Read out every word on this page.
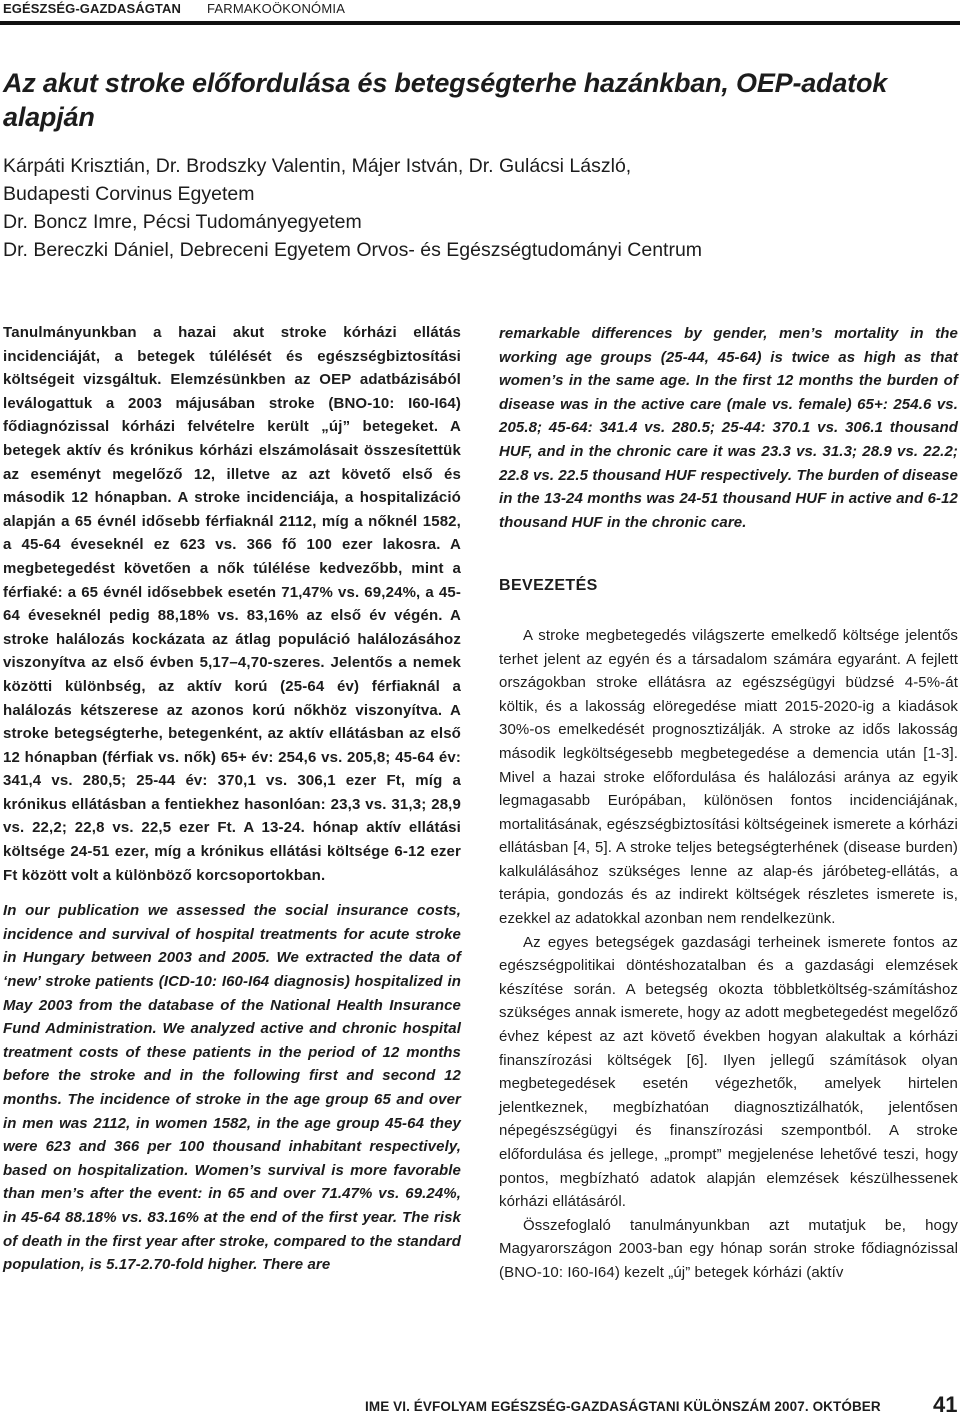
EGÉSZSÉG-GAZDASÁGTAN FARMAKOÖKONÓMIA
Az akut stroke előfordulása és betegségterhe hazánkban, OEP-adatok alapján
Kárpáti Krisztián, Dr. Brodszky Valentin, Májer István, Dr. Gulácsi László,
Budapesti Corvinus Egyetem
Dr. Boncz Imre, Pécsi Tudományegyetem
Dr. Bereczki Dániel, Debreceni Egyetem Orvos- és Egészségtudományi Centrum

Tanulmányunkban a hazai akut stroke kórházi ellátás incidenciáját, a betegek túlélését és egészségbiztosítási költségeit vizsgáltuk. Elemzésünkben az OEP adatbázisából leválogattuk a 2003 májusában stroke (BNO-10: I60-I64) fődiagnózissal kórházi felvételre került „új” betegeket. A betegek aktív és krónikus kórházi elszámolásait összesítettük az eseményt megelőző 12, illetve az azt követő első és második 12 hónapban. A stroke incidenciája, a hospitalizáció alapján a 65 évnél idősebb férfiaknál 2112, míg a nőknél 1582, a 45-64 éveseknél ez 623 vs. 366 fő 100 ezer lakosra. A megbetegedést követően a nők túlélése kedvezőbb, mint a férfiaké: a 65 évnél idősebbek esetén 71,47% vs. 69,24%, a 45-64 éveseknél pedig 88,18% vs. 83,16% az első év végén. A stroke halálozás kockázata az átlag populáció halálozásához viszonyítva az első évben 5,17–4,70-szeres. Jelentős a nemek közötti különbség, az aktív korú (25-64 év) férfiaknál a halálozás kétszerese az azonos korú nőkhöz viszonyítva. A stroke betegségterhe, betegenként, az aktív ellátásban az első 12 hónapban (férfiak vs. nők) 65+ év: 254,6 vs. 205,8; 45-64 év: 341,4 vs. 280,5; 25-44 év: 370,1 vs. 306,1 ezer Ft, míg a krónikus ellátásban a fentiekhez hasonlóan: 23,3 vs. 31,3; 28,9 vs. 22,2; 22,8 vs. 22,5 ezer Ft. A 13-24. hónap aktív ellátási költsége 24-51 ezer, míg a krónikus ellátási költsége 6-12 ezer Ft között volt a különböző korcsoportokban.

In our publication we assessed the social insurance costs, incidence and survival of hospital treatments for acute stroke in Hungary between 2003 and 2005. We extracted the data of ‘new’ stroke patients (ICD-10: I60-I64 diagnosis) hospitalized in May 2003 from the database of the National Health Insurance Fund Administration. We analyzed active and chronic hospital treatment costs of these patients in the period of 12 months before the stroke and in the following first and second 12 months. The incidence of stroke in the age group 65 and over in men was 2112, in women 1582, in the age group 45-64 they were 623 and 366 per 100 thousand inhabitant respectively, based on hospitalization. Women’s survival is more favorable than men’s after the event: in 65 and over 71.47% vs. 69.24%, in 45-64 88.18% vs. 83.16% at the end of the first year. The risk of death in the first year after stroke, compared to the standard population, is 5.17-2.70-fold higher. There are

remarkable differences by gender, men’s mortality in the working age groups (25-44, 45-64) is twice as high as that women’s in the same age. In the first 12 months the burden of disease was in the active care (male vs. female) 65+: 254.6 vs. 205.8; 45-64: 341.4 vs. 280.5; 25-44: 370.1 vs. 306.1 thousand HUF, and in the chronic care it was 23.3 vs. 31.3; 28.9 vs. 22.2; 22.8 vs. 22.5 thousand HUF respectively. The burden of disease in the 13-24 months was 24-51 thousand HUF in active and 6-12 thousand HUF in the chronic care.

BEVEZETÉS

A stroke megbetegedés világszerte emelkedő költsége jelentős terhet jelent az egyén és a társadalom számára egyaránt. A fejlett országokban stroke ellátásra az egészségügyi büdzsé 4-5%-át költik, és a lakosság elöregedése miatt 2015-2020-ig a kiadások 30%-os emelkedését prognosztizálják. A stroke az idős lakosság második legköltségesebb megbetegedése a demencia után [1-3]. Mivel a hazai stroke előfordulása és halálozási aránya az egyik legmagasabb Európában, különösen fontos incidenciájának, mortalitásának, egészségbiztosítási költségeinek ismerete a kórházi ellátásban [4, 5]. A stroke teljes betegségterhének (disease burden) kalkulálásához szükséges lenne az alap-és járóbeteg-ellátás, a terápia, gondozás és az indirekt költségek részletes ismerete is, ezekkel az adatokkal azonban nem rendelkezünk.

Az egyes betegségek gazdasági terheinek ismerete fontos az egészségpolitikai döntéshozatalban és a gazdasági elemzések készítése során. A betegség okozta többletköltség-számításhoz szükséges annak ismerete, hogy az adott megbetegedést megelőző évhez képest az azt követő években hogyan alakultak a kórházi finanszírozási költségek [6]. Ilyen jellegű számítások olyan megbetegedések esetén végezhetők, amelyek hirtelen jelentkeznek, megbízhatóan diagnosztizálhatók, jelentősen népegészségügyi és finanszírozási szempontból. A stroke előfordulása és jellege, „prompt” megjelenése lehetővé teszi, hogy pontos, megbízható adatok alapján elemzések készülhessenek kórházi ellátásáról.

Összefoglaló tanulmányunkban azt mutatjuk be, hogy Magyarországon 2003-ban egy hónap során stroke fődiagnózissal (BNO-10: I60-I64) kezelt „új” betegek kórházi (aktív

IME VI. ÉVFOLYAM EGÉSZSÉG-GAZDASÁGTANI KÜLÖNSZÁM 2007. OKTÓBER 41
